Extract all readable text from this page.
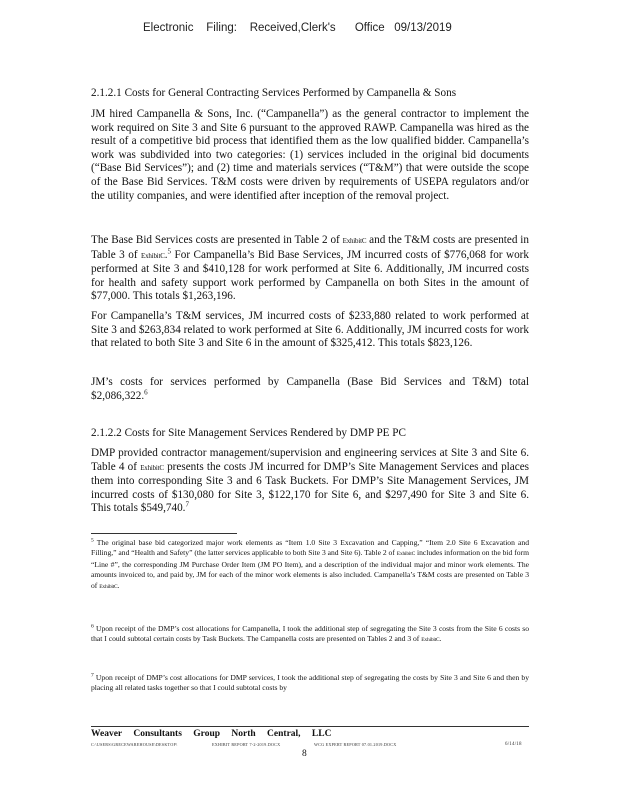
Electronic    Filing:    Received,Clerk's      Office   09/13/2019
2.1.2.1 Costs for General Contracting Services Performed by Campanella & Sons
JM hired Campanella & Sons, Inc. (“Campanella”) as the general contractor to implement the work required on Site 3 and Site 6 pursuant to the approved RAWP. Campanella was hired as the result of a competitive bid process that identified them as the low qualified bidder. Campanella’s work was subdivided into two categories: (1) services included in the original bid documents (“Base Bid Services”); and (2) time and materials services (“T&M”) that were outside the scope of the Base Bid Services. T&M costs were driven by requirements of USEPA regulators and/or the utility companies, and were identified after inception of the removal project.
The Base Bid Services costs are presented in Table 2 of ExhibitC and the T&M costs are presented in Table 3 of ExhibitC.$^5$ For Campanella’s Bid Base Services, JM incurred costs of $776,068 for work performed at Site 3 and $410,128 for work performed at Site 6. Additionally, JM incurred costs for health and safety support work performed by Campanella on both Sites in the amount of $77,000. This totals $1,263,196.
For Campanella’s T&M services, JM incurred costs of $233,880 related to work performed at Site 3 and $263,834 related to work performed at Site 6. Additionally, JM incurred costs for work that related to both Site 3 and Site 6 in the amount of $325,412. This totals $823,126.
JM’s costs for services performed by Campanella (Base Bid Services and T&M) total $2,086,322.$^6$
2.1.2.2 Costs for Site Management Services Rendered by DMP PE PC
DMP provided contractor management/supervision and engineering services at Site 3 and Site 6. Table 4 of ExhibitC presents the costs JM incurred for DMP’s Site Management Services and places them into corresponding Site 3 and 6 Task Buckets. For DMP’s Site Management Services, JM incurred costs of $130,080 for Site 3, $122,170 for Site 6, and $297,490 for Site 3 and Site 6. This totals $549,740.$^7$
$^5$ The original base bid categorized major work elements as “Item 1.0 Site 3 Excavation and Capping,” “Item 2.0 Site 6 Excavation and Filling,” and “Health and Safety” (the latter services applicable to both Site 3 and Site 6). Table 2 of ExhibitC includes information on the bid form “Line #”, the corresponding JM Purchase Order Item (JM PO Item), and a description of the individual major and minor work elements. The amounts invoiced to, and paid by, JM for each of the minor work elements is also included. Campanella’s T&M costs are presented on Table 3 of ExhibitC.
$^6$ Upon receipt of the DMP’s cost allocations for Campanella, I took the additional step of segregating the Site 3 costs from the Site 6 costs so that I could subtotal certain costs by Task Buckets. The Campanella costs are presented on Tables 2 and 3 of ExhibitC.
$^7$ Upon receipt of DMP’s cost allocations for DMP services, I took the additional step of segregating the costs by Site 3 and Site 6 and then by placing all related tasks together so that I could subtotal costs by
Weaver Consultants Group North Central, LLC
C:\USERS\GRECEWAREHOUSE\DESKTOP\	EXHIBIT REPORT 7-2-2019.DOCX	WCG EXPERT REPORT 07.01.2019.DOCX	6/14/18
8
